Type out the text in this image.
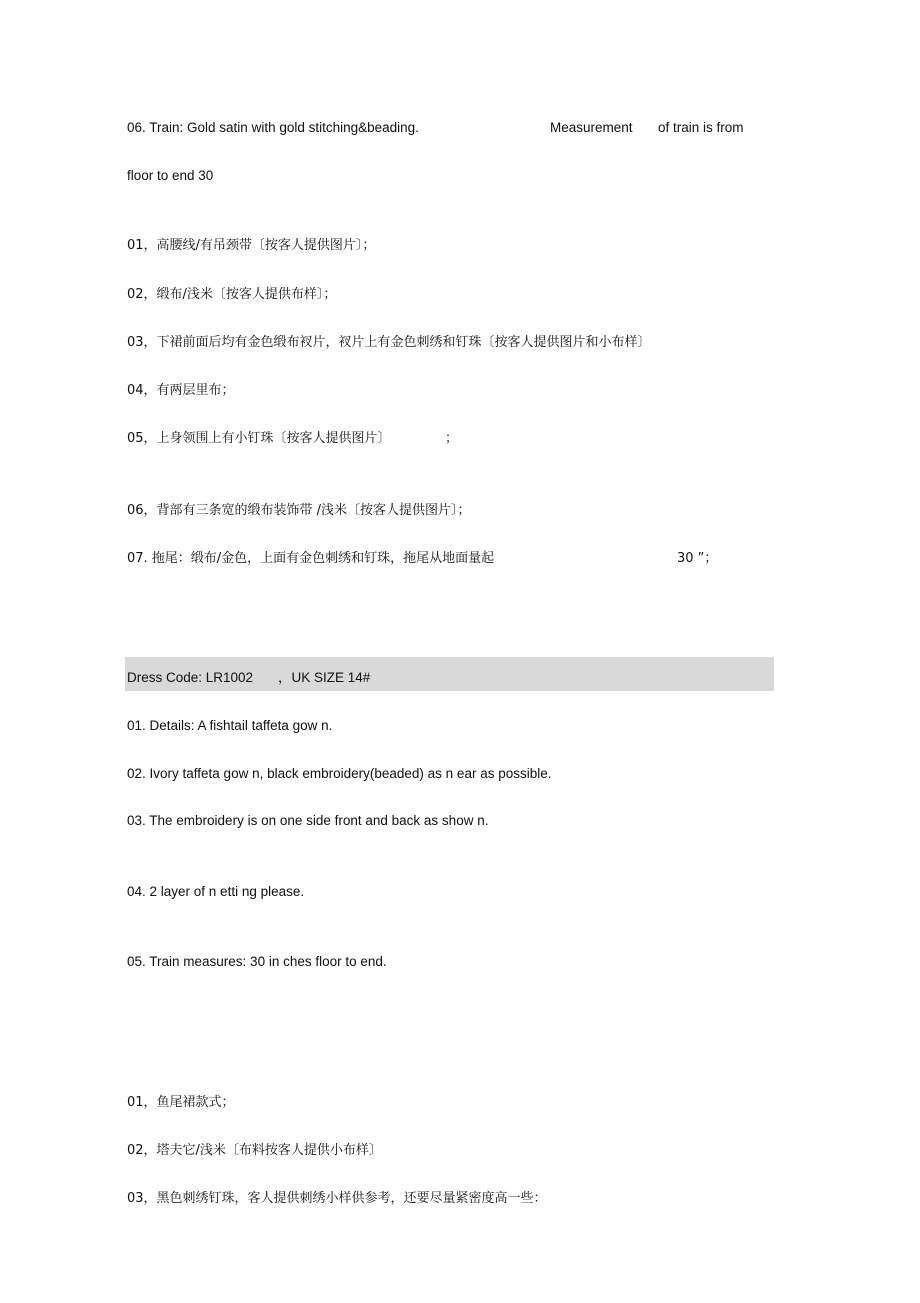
06. Train: Gold satin with gold stitching&beading.

	Measurement

of train is from

floor to end 30
01，高腰线/有吊颈带〔按客人提供图片〕；
02，缎布/浅米〔按客人提供布样〕；
03，下裙前面后均有金色缎布衩片，衩片上有金色刺绣和钉珠〔按客人提供图片和小布样〕
04，有两层里布；

05，上身领围上有小钉珠〔按客人提供图片〕

	；

06，背部有三条宽的缎布装饰带 /浅米〔按客人提供图片〕；

07. 拖尾：缎布/金色，上面有金色刺绣和钉珠，拖尾从地面量起

	30 ”；

Dress Code: LR1002

，UK SIZE 14#

01. Details: A fishtail taffeta gow n.
02. Ivory taffeta gow n, black embroidery(beaded) as n ear as possible.
03. The embroidery is on one side front and back as show n.
04. 2 layer of n etti ng please.
05. Train measures: 30 in ches floor to end.
01，鱼尾裙款式；
02，塔夫它/浅米〔布料按客人提供小布样〕
03，黑色刺绣钉珠，客人提供刺绣小样供参考，还要尽量紧密度高一些：
